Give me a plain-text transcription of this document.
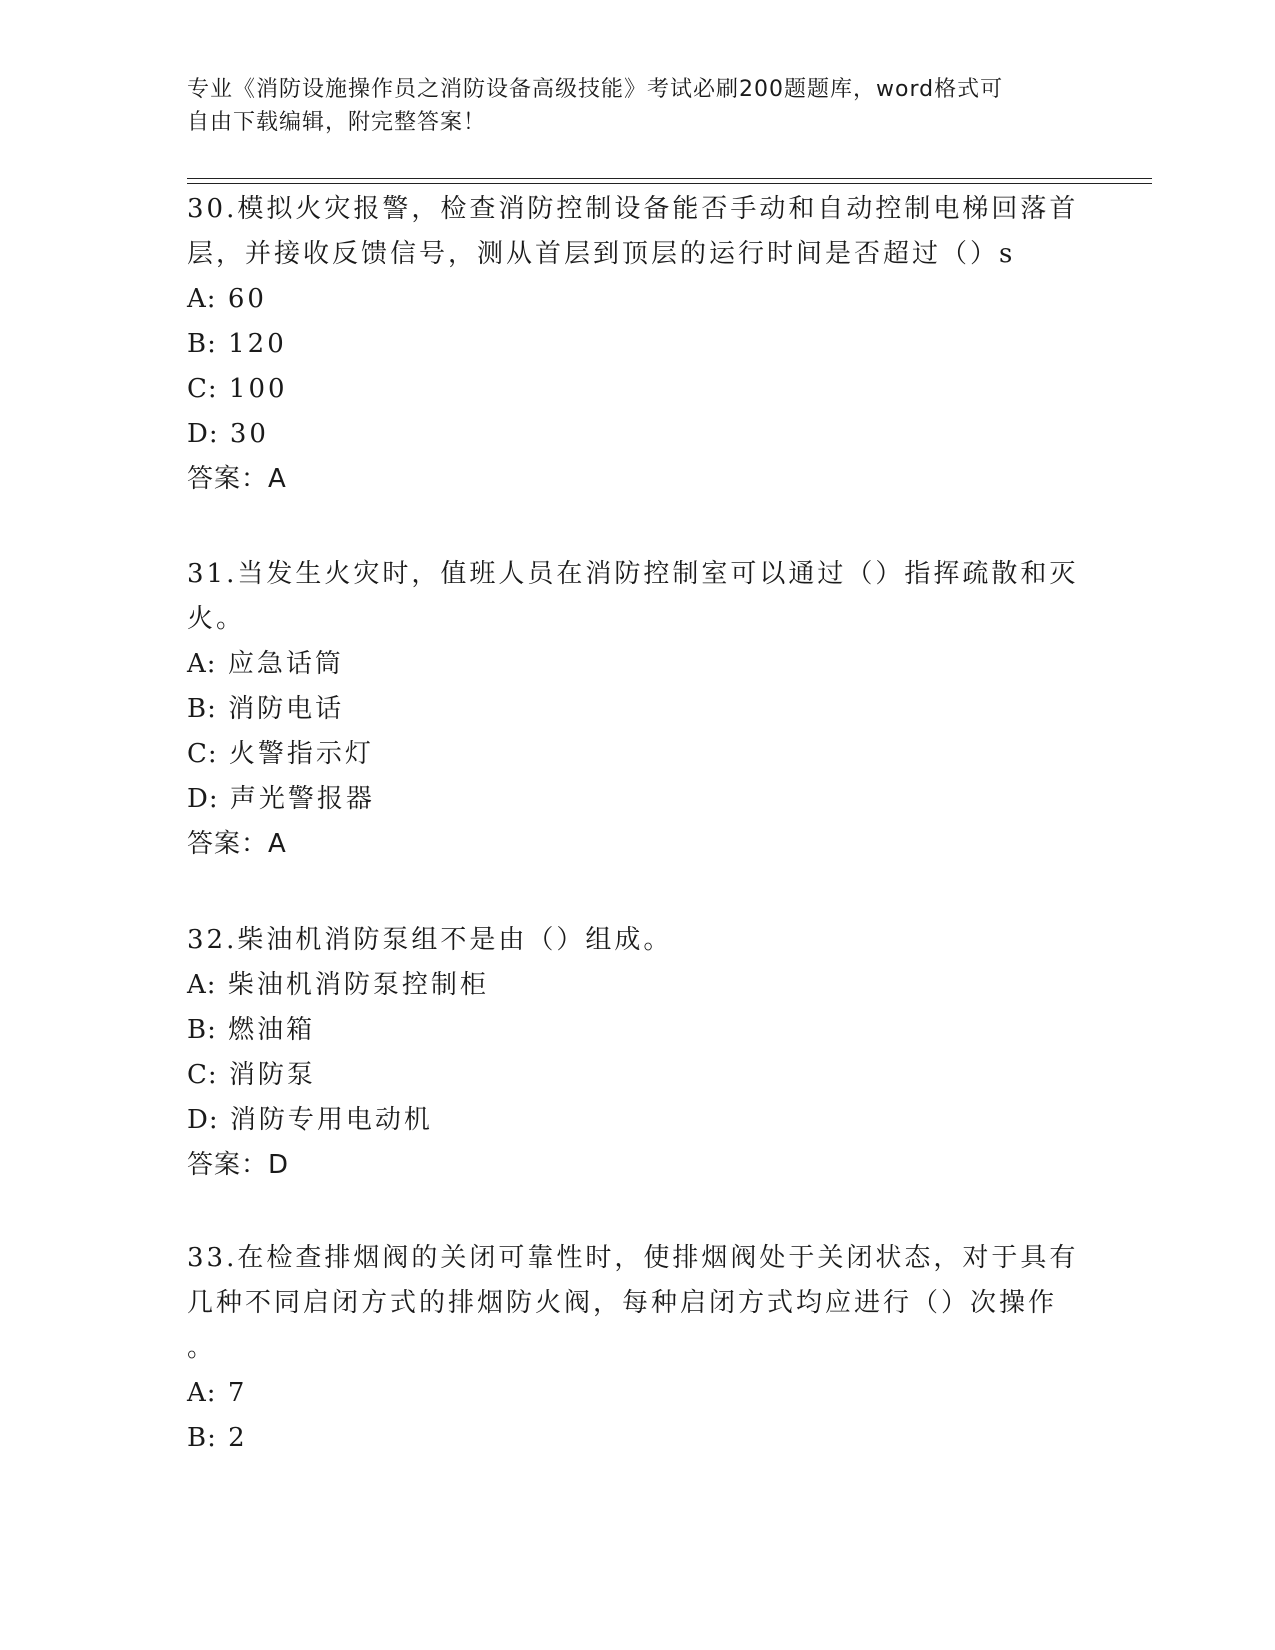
专业《消防设施操作员之消防设备高级技能》考试必刷200题题库，word格式可
自由下载编辑，附完整答案！

30.模拟火灾报警，检查消防控制设备能否手动和自动控制电梯回落首

层，并接收反馈信号，测从首层到顶层的运行时间是否超过（）s

A: 60

B: 120

C: 100

D: 30

答案：A

31.当发生火灾时，值班人员在消防控制室可以通过（）指挥疏散和灭

火。

A: 应急话筒

B: 消防电话

C: 火警指示灯

D: 声光警报器

答案：A

32.柴油机消防泵组不是由（）组成。

A: 柴油机消防泵控制柜

B: 燃油箱

C: 消防泵

D: 消防专用电动机

答案：D

33.在检查排烟阀的关闭可靠性时，使排烟阀处于关闭状态，对于具有

几种不同启闭方式的排烟防火阀，每种启闭方式均应进行（）次操作

。

A: 7

B: 2
